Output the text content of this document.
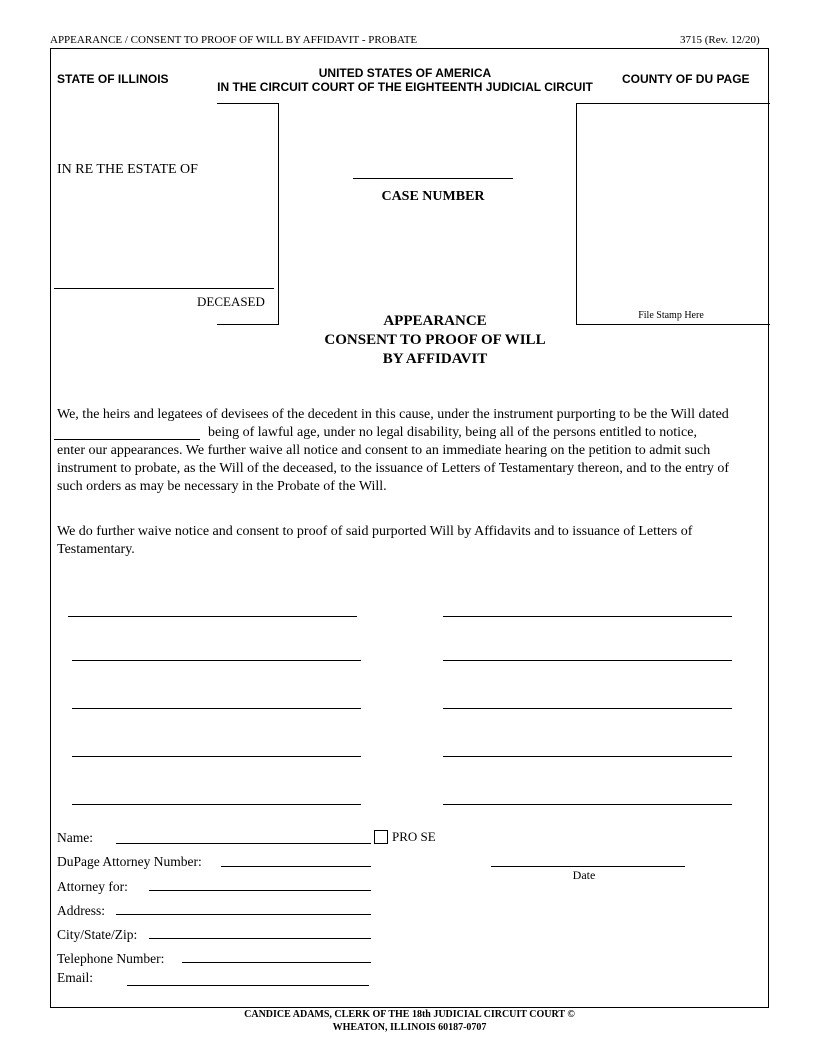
APPEARANCE / CONSENT TO PROOF OF WILL BY AFFIDAVIT - PROBATE	3715 (Rev. 12/20)
STATE OF ILLINOIS	UNITED STATES OF AMERICA
IN THE CIRCUIT COURT OF THE EIGHTEENTH JUDICIAL CIRCUIT
COUNTY OF DU PAGE
IN RE THE ESTATE OF
DECEASED
CASE NUMBER
File Stamp Here
APPEARANCE
CONSENT TO PROOF OF WILL
BY AFFIDAVIT
We, the heirs and legatees of devisees of the decedent in this cause, under the instrument purporting to be the Will dated
being of lawful age, under no legal disability, being all of the persons entitled to notice,
enter our appearances. We further waive all notice and consent to an immediate hearing on the petition to admit such
instrument to probate, as the Will of the deceased, to the issuance of Letters of Testamentary thereon, and to the entry of
such orders as may be necessary in the Probate of the Will.
We do further waive notice and consent to proof of said purported Will by Affidavits and to issuance of Letters of
Testamentary.
Name:	PRO SE
DuPage Attorney Number:
Date
Attorney for:
Address:
City/State/Zip:
Telephone Number:
Email:
CANDICE ADAMS, CLERK OF THE 18th JUDICIAL CIRCUIT COURT ©
WHEATON, ILLINOIS 60187-0707
